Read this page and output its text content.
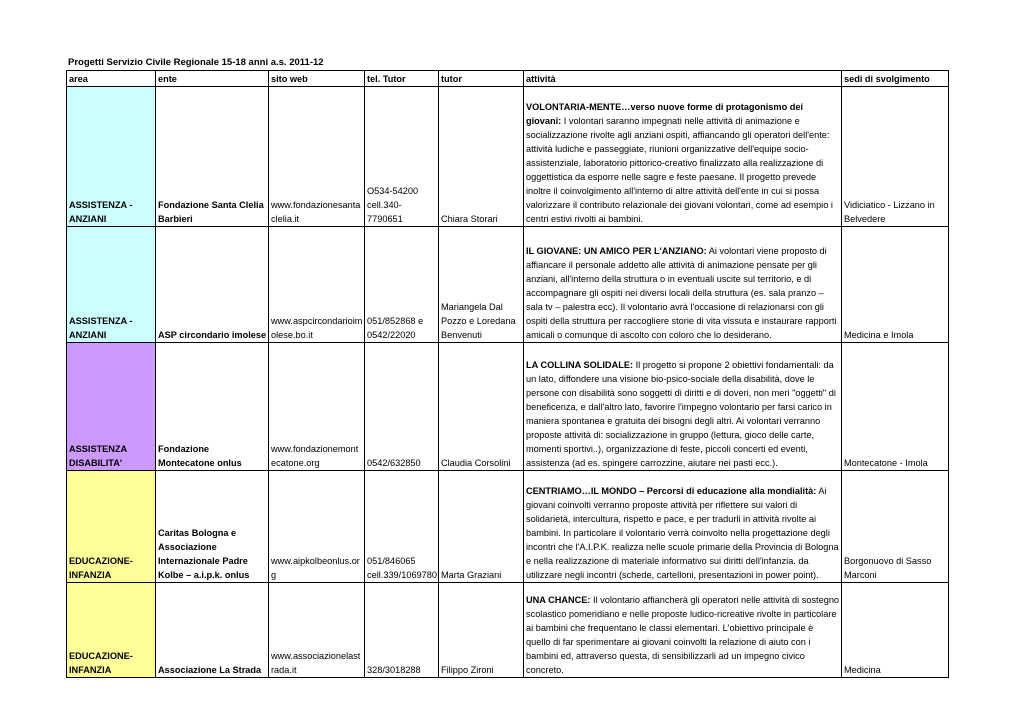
Progetti Servizio Civile Regionale 15-18 anni a.s. 2011-12
area	ente	sito web	tel. Tutor	tutor	attività	sedi di svolgimento
ASSISTENZA - ANZIANI	Fondazione Santa Clelia Barbieri	www.fondazionesantaclelia.it	O534-54200 cell.340-7790651	Chiara Storari	VOLONTARIA-MENTE…verso nuove forme di protagonismo dei giovani: I volontari saranno impegnati nelle attività di animazione e socializzazione rivolte agli anziani ospiti, affiancando gli operatori dell'ente: attività ludiche e passeggiate, riunioni organizzative dell'equipe socio-assistenziale, laboratorio pittorico-creativo finalizzato alla realizzazione di oggettistica da esporre nelle sagre e feste paesane. Il progetto prevede inoltre il coinvolgimento all'interno di altre attività dell'ente in cui si possa valorizzare il contributo relazionale dei giovani volontari, come ad esempio i centri estivi rivolti ai bambini.	Vidiciatico - Lizzano in Belvedere
ASSISTENZA - ANZIANI	ASP circondario imolese	www.aspcircondarioimolese.bo.it	051/852868 e 0542/22020	Mariangela Dal Pozzo e Loredana Benvenuti	IL GIOVANE: UN AMICO PER L'ANZIANO: Ai volontari viene proposto di affiancare il personale addetto alle attività di animazione pensate per gli anziani, all'interno della struttura o in eventuali uscite sul territorio, e di accompagnare gli ospiti nei diversi locali della struttura (es. sala pranzo – sala tv – palestra ecc). Il volontario avrà l'occasione di relazionarsi con gli ospiti della struttura per raccogliere storie di vita vissuta e instaurare rapporti amicali o comunque di ascolto con coloro che lo desiderano.	Medicina e Imola
ASSISTENZA DISABILITA'	Fondazione Montecatone onlus	www.fondazionemontecatone.org	0542/632850	Claudia Corsolini	LA COLLINA SOLIDALE: Il progetto si propone 2 obiettivi fondamentali: da un lato, diffondere una visione bio-psico-sociale della disabilità, dove le persone con disabilità sono soggetti di diritti e di doveri, non meri "oggetti" di beneficenza, e dall'altro lato, favorire l'impegno volontario per farsi carico in maniera spontanea e gratuita dei bisogni degli altri. Ai volontari verranno proposte attività di: socializzazione in gruppo (lettura, gioco delle carte, momenti sportivi..), organizzazione di feste, piccoli concerti ed eventi, assistenza (ad es. spingere carrozzine, aiutare nei pasti ecc.).	Montecatone - Imola
EDUCAZIONE- INFANZIA	Caritas Bologna e Associazione Internazionale Padre Kolbe – a.i.p.k. onlus	www.aipkolbeonlus.org	051/846065 cell.339/1069780	Marta Graziani	CENTRIAMO…IL MONDO – Percorsi di educazione alla mondialità: Ai giovani coinvolti verranno proposte attività per riflettere sui valori di solidarietà, intercultura, rispetto e pace, e per tradurli in attività rivolte ai bambini. In particolare il volontario verrà coinvolto nella progettazione degli incontri che l'A.I.P.K. realizza nelle scuole primarie della Provincia di Bologna e nella realizzazione di materiale informativo sui diritti dell'infanzia. da utilizzare negli incontri (schede, cartelloni, presentazioni in power point).	Borgonuovo di Sasso Marconi
EDUCAZIONE- INFANZIA	Associazione La Strada	www.associazionelastrada.it	328/3018288	Filippo Zironi	UNA CHANCE: Il volontario affiancherà gli operatori nelle attività di sostegno scolastico pomeridiano e nelle proposte ludico-ricreative rivolte in particolare ai bambini che frequentano le classi elementari. L'obiettivo principale è quello di far sperimentare ai giovani coinvolti la relazione di aiuto con i bambini ed, attraverso questa, di sensibilizzarli ad un impegno civico concreto.	Medicina
